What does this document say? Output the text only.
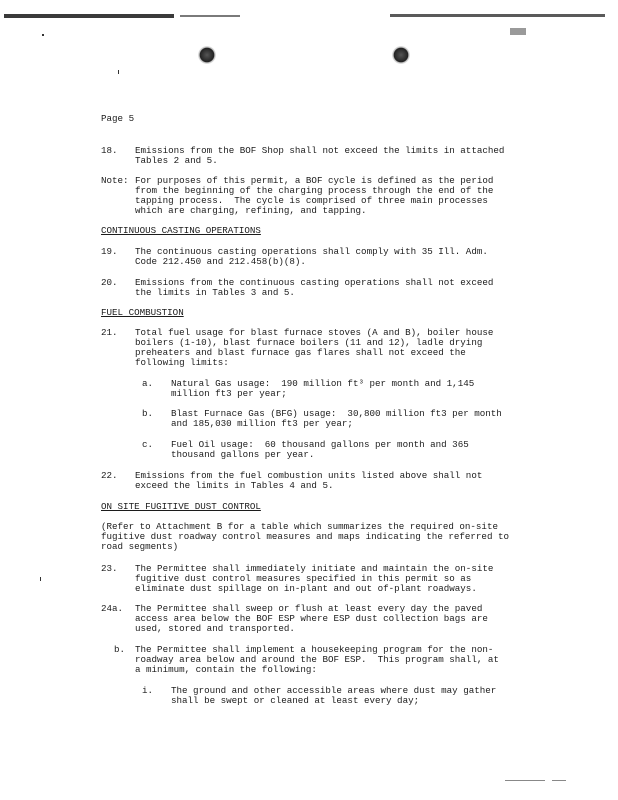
Page 5
18. Emissions from the BOF Shop shall not exceed the limits in attached
Tables 2 and 5.
Note: For purposes of this permit, a BOF cycle is defined as the period
from the beginning of the charging process through the end of the
tapping process.  The cycle is comprised of three main processes
which are charging, refining, and tapping.
CONTINUOUS CASTING OPERATIONS
19. The continuous casting operations shall comply with 35 Ill. Adm.
Code 212.450 and 212.458(b)(8).
20. Emissions from the continuous casting operations shall not exceed
the limits in Tables 3 and 5.
FUEL COMBUSTION
21. Total fuel usage for blast furnace stoves (A and B), boiler house
boilers (1-10), blast furnace boilers (11 and 12), ladle drying
preheaters and blast furnace gas flares shall not exceed the
following limits:
a. Natural Gas usage:  190 million ft³ per month and 1,145
million ft3 per year;
b. Blast Furnace Gas (BFG) usage:  30,800 million ft3 per month
and 185,030 million ft3 per year;
c. Fuel Oil usage:  60 thousand gallons per month and 365
thousand gallons per year.
22. Emissions from the fuel combustion units listed above shall not
exceed the limits in Tables 4 and 5.
ON SITE FUGITIVE DUST CONTROL
(Refer to Attachment B for a table which summarizes the required on-site
fugitive dust roadway control measures and maps indicating the referred to
road segments)
23. The Permittee shall immediately initiate and maintain the on-site
fugitive dust control measures specified in this permit so as
eliminate dust spillage on in-plant and out of-plant roadways.
24a. The Permittee shall sweep or flush at least every day the paved
access area below the BOF ESP where ESP dust collection bags are
used, stored and transported.
b. The Permittee shall implement a housekeeping program for the non-
roadway area below and around the BOF ESP.  This program shall, at
a minimum, contain the following:
i. The ground and other accessible areas where dust may gather
shall be swept or cleaned at least every day;
